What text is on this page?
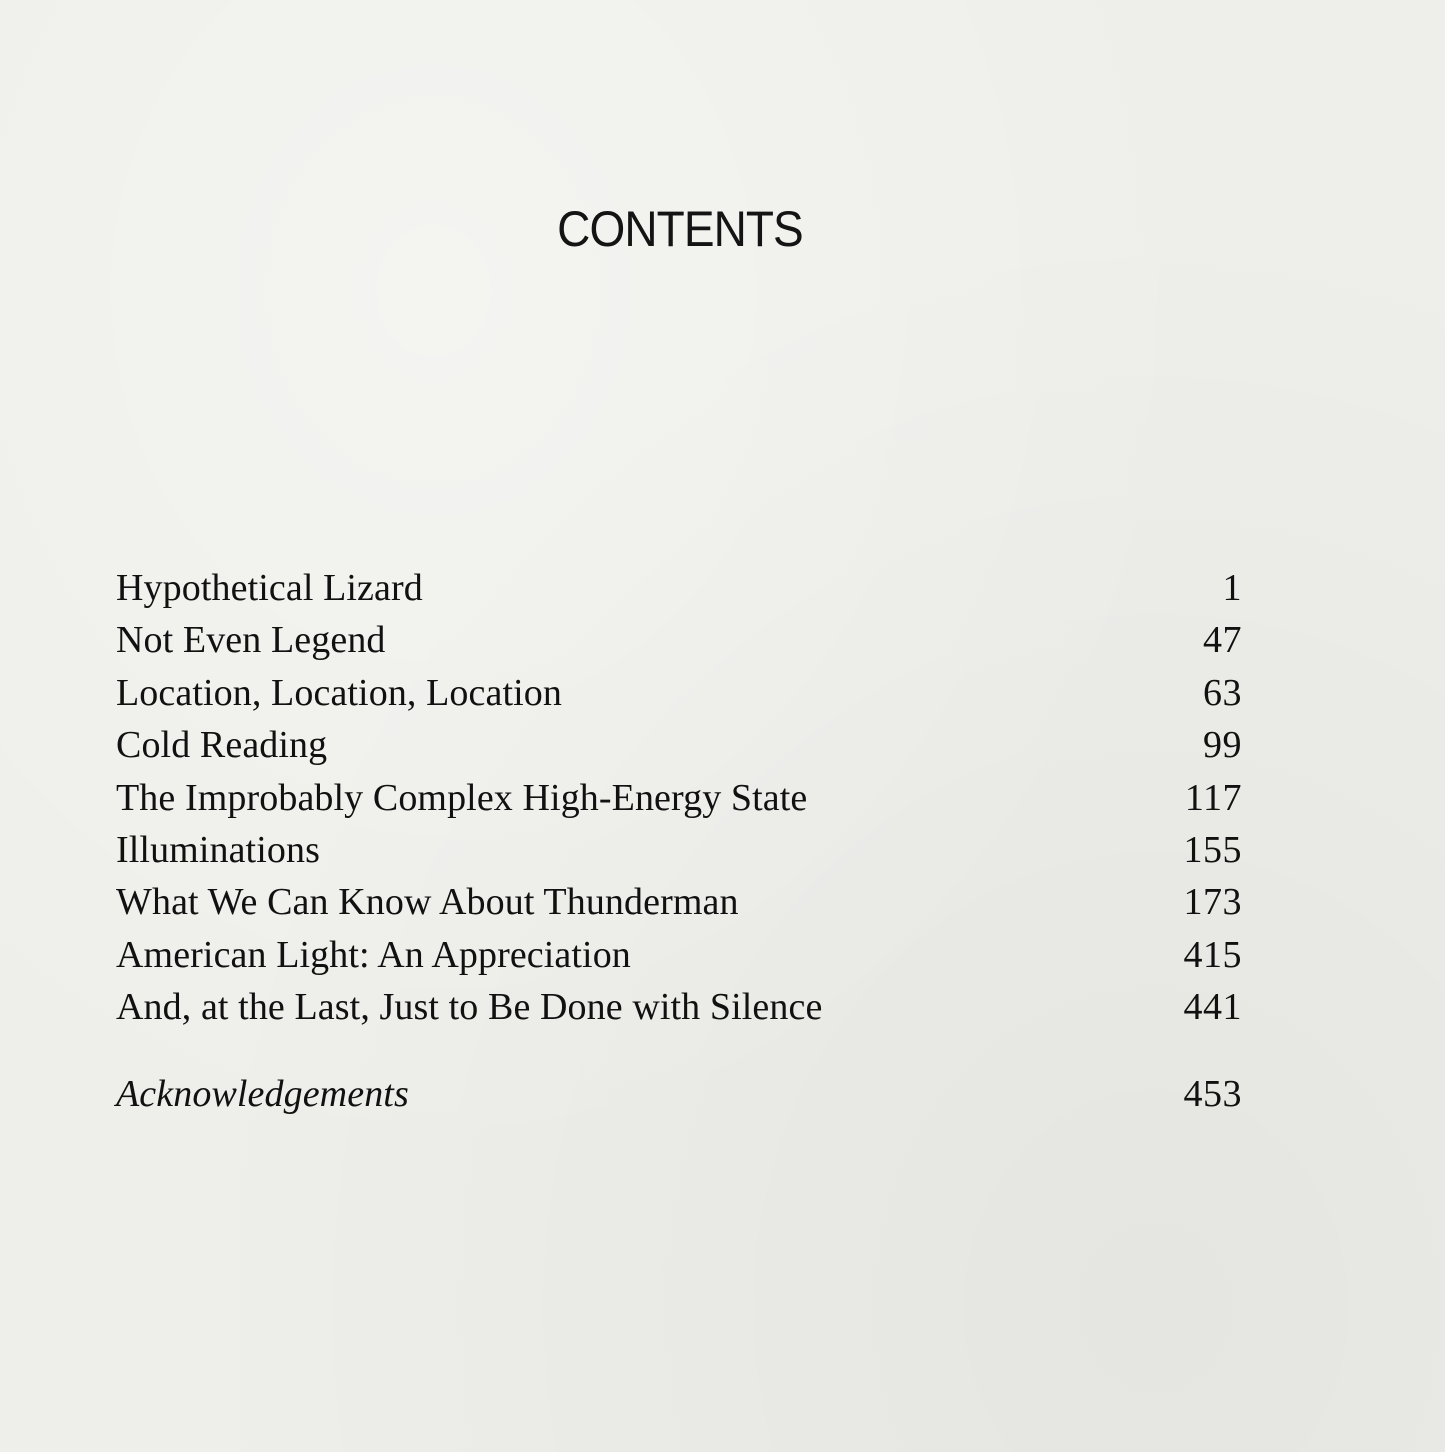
CONTENTS
Hypothetical Lizard	1
Not Even Legend	47
Location, Location, Location	63
Cold Reading	99
The Improbably Complex High-Energy State	117
Illuminations	155
What We Can Know About Thunderman	173
American Light: An Appreciation	415
And, at the Last, Just to Be Done with Silence	441
Acknowledgements	453
